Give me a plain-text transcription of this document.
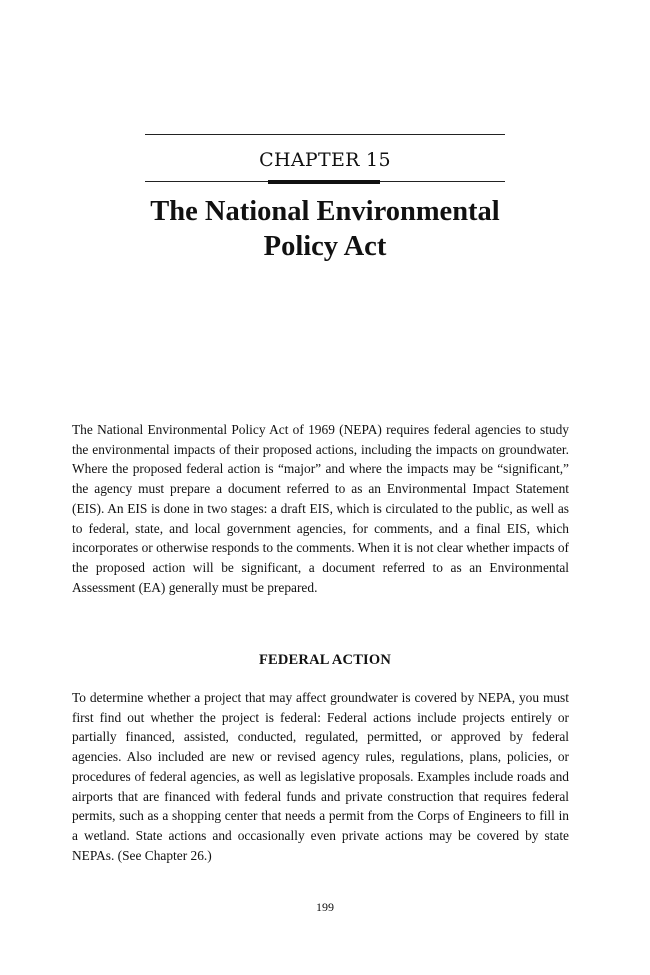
CHAPTER 15
The National Environmental
Policy Act

The National Environmental Policy Act of 1969 (NEPA) requires federal agencies to study the environmental impacts of their proposed actions, including the impacts on groundwater. Where the proposed federal action is “major” and where the impacts may be “significant,” the agency must prepare a document referred to as an Environmental Impact Statement (EIS). An EIS is done in two stages: a draft EIS, which is circulated to the public, as well as to federal, state, and local government agencies, for comments, and a final EIS, which incorporates or otherwise responds to the comments. When it is not clear whether impacts of the proposed action will be significant, a document referred to as an Environmental Assessment (EA) generally must be prepared.

FEDERAL ACTION

To determine whether a project that may affect groundwater is covered by NEPA, you must first find out whether the project is federal: Federal actions include projects entirely or partially financed, assisted, conducted, regulated, permitted, or approved by federal agencies. Also included are new or revised agency rules, regulations, plans, policies, or procedures of federal agencies, as well as legislative proposals. Examples include roads and airports that are financed with federal funds and private construction that requires federal permits, such as a shopping center that needs a permit from the Corps of Engineers to fill in a wetland. State actions and occasionally even private actions may be covered by state NEPAs. (See Chapter 26.)

199
